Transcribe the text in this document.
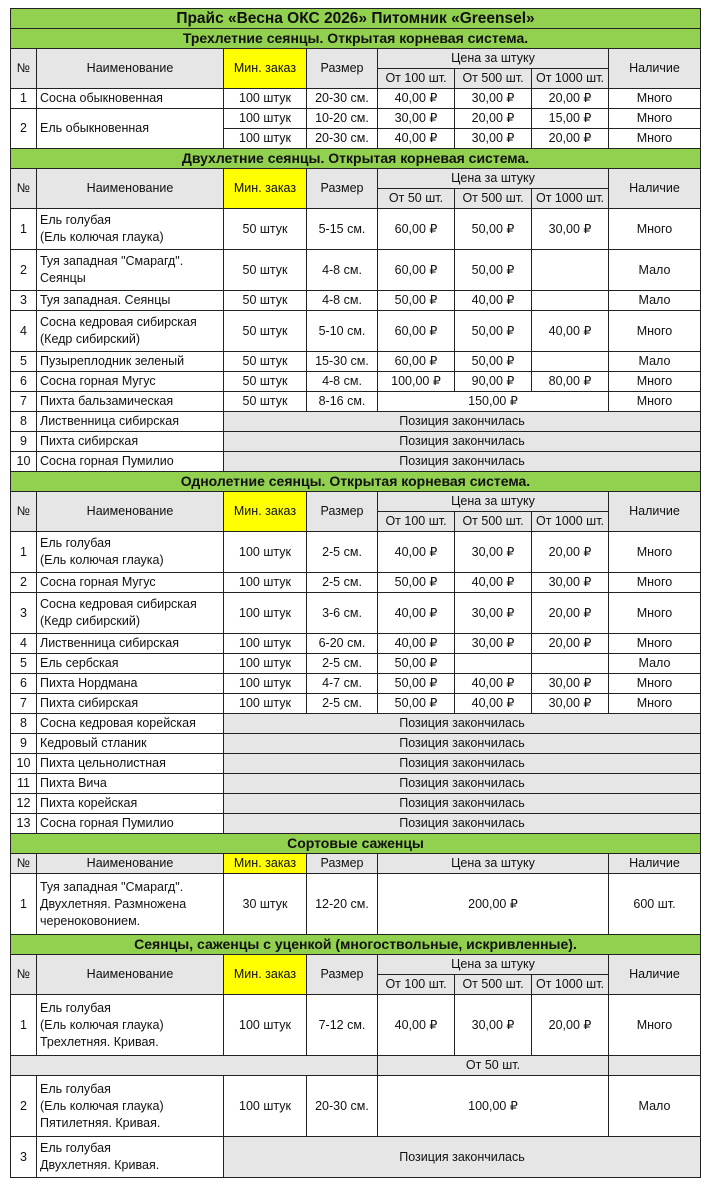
Прайс «Весна ОКС 2026» Питомник «Greensel»							
Трехлетние сеянцы. Открытая корневая система.							
№	Наименование	Мин. заказ	Размер	Цена за штуку			Наличие
				От 100 шт.	От 500 шт.	От 1000 шт.	
1	Сосна обыкновенная	100 штук	20-30 см.	40,00 ₽	30,00 ₽	20,00 ₽	Много
2	Ель обыкновенная	100 штук	10-20 см.	30,00 ₽	20,00 ₽	15,00 ₽	Много
		100 штук	20-30 см.	40,00 ₽	30,00 ₽	20,00 ₽	Много
Двухлетние сеянцы. Открытая корневая система.							
№	Наименование	Мин. заказ	Размер	Цена за штуку			Наличие
				От 50 шт.	От 500 шт.	От 1000 шт.	
1	Ель голубая
(Ель колючая глаука)	50 штук	5-15 см.	60,00 ₽	50,00 ₽	30,00 ₽	Много
2	Туя западная "Смарагд".
Сеянцы	50 штук	4-8 см.	60,00 ₽	50,00 ₽		Мало
3	Туя западная. Сеянцы	50 штук	4-8 см.	50,00 ₽	40,00 ₽		Мало
4	Сосна кедровая сибирская
(Кедр сибирский)	50 штук	5-10 см.	60,00 ₽	50,00 ₽	40,00 ₽	Много
5	Пузыреплодник зеленый	50 штук	15-30 см.	60,00 ₽	50,00 ₽		Мало
6	Сосна горная Мугус	50 штук	4-8 см.	100,00 ₽	90,00 ₽	80,00 ₽	Много
7	Пихта бальзамическая	50 штук	8-16 см.	150,00 ₽			Много
8	Лиственница сибирская	Позиция закончилась					
9	Пихта сибирская	Позиция закончилась					
10	Сосна горная Пумилио	Позиция закончилась					
Однолетние сеянцы. Открытая корневая система.							
№	Наименование	Мин. заказ	Размер	Цена за штуку			Наличие
				От 100 шт.	От 500 шт.	От 1000 шт.	
1	Ель голубая
(Ель колючая глаука)	100 штук	2-5 см.	40,00 ₽	30,00 ₽	20,00 ₽	Много
2	Сосна горная Мугус	100 штук	2-5 см.	50,00 ₽	40,00 ₽	30,00 ₽	Много
3	Сосна кедровая сибирская
(Кедр сибирский)	100 штук	3-6 см.	40,00 ₽	30,00 ₽	20,00 ₽	Много
4	Лиственница сибирская	100 штук	6-20 см.	40,00 ₽	30,00 ₽	20,00 ₽	Много
5	Ель сербская	100 штук	2-5 см.	50,00 ₽			Мало
6	Пихта Нордмана	100 штук	4-7 см.	50,00 ₽	40,00 ₽	30,00 ₽	Много
7	Пихта сибирская	100 штук	2-5 см.	50,00 ₽	40,00 ₽	30,00 ₽	Много
8	Сосна кедровая корейская	Позиция закончилась					
9	Кедровый стланик	Позиция закончилась					
10	Пихта цельнолистная	Позиция закончилась					
11	Пихта Вича	Позиция закончилась					
12	Пихта корейская	Позиция закончилась					
13	Сосна горная Пумилио	Позиция закончилась					
Сортовые саженцы							
№	Наименование	Мин. заказ	Размер	Цена за штуку			Наличие
1	Туя западная "Смарагд".
Двухлетняя. Размножена
череноковонием.	30 штук	12-20 см.	200,00 ₽			600 шт.
Сеянцы, саженцы с уценкой (многоствольные, искривленные).							
№	Наименование	Мин. заказ	Размер	Цена за штуку			Наличие
				От 100 шт.	От 500 шт.	От 1000 шт.	
1	Ель голубая
(Ель колючая глаука)
Трехлетняя. Кривая.	100 штук	7-12 см.	40,00 ₽	30,00 ₽	20,00 ₽	Много
				От 50 шт.			
2	Ель голубая
(Ель колючая глаука)
Пятилетняя. Кривая.	100 штук	20-30 см.	100,00 ₽			Мало
3	Ель голубая
Двухлетняя. Кривая.	Позиция закончилась					
